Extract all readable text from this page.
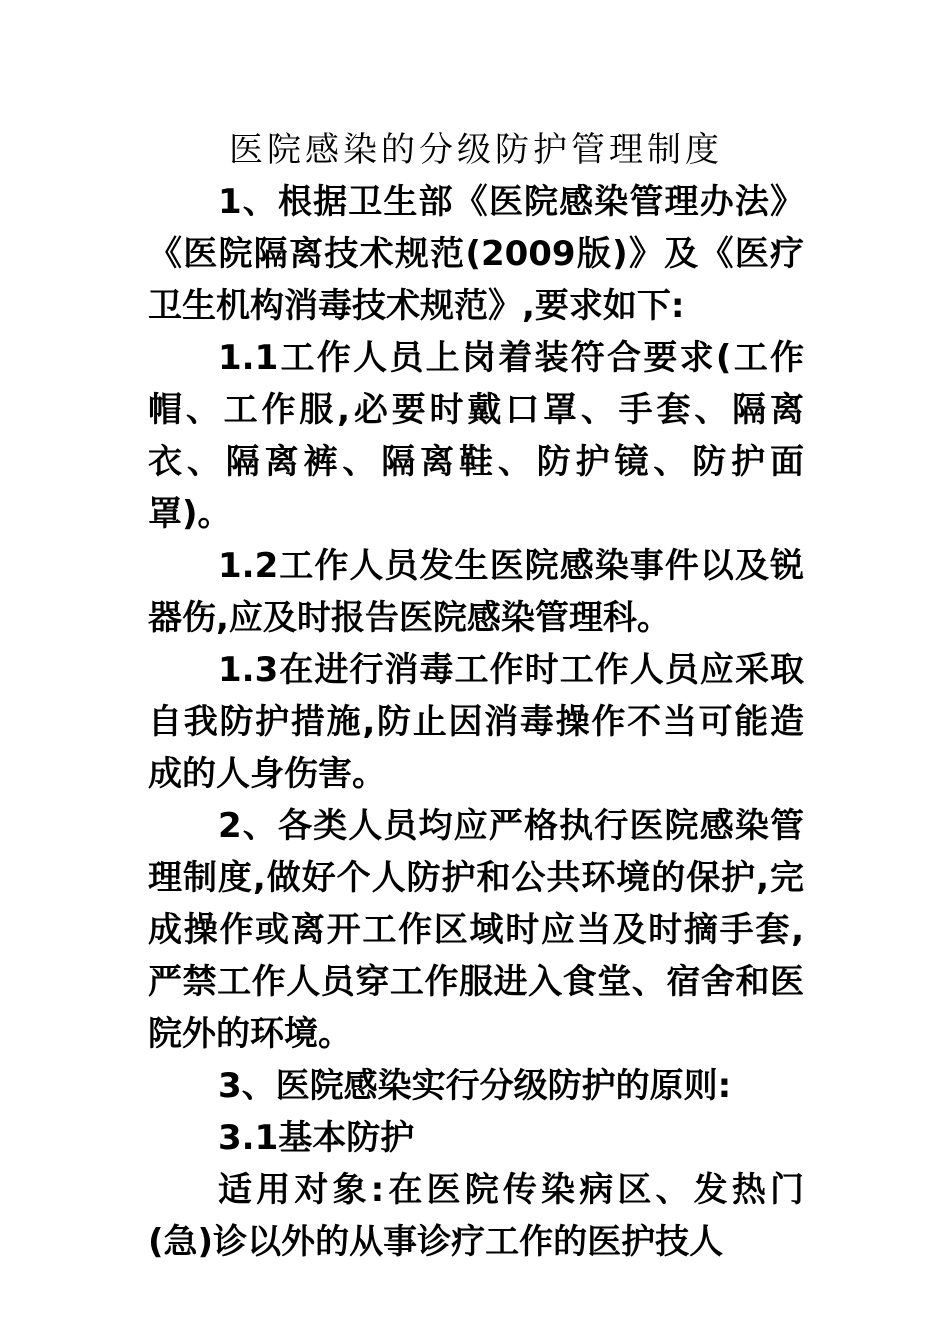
医院感染的分级防护管理制度

1、根据卫生部《医院感染管理办法》《医院隔离技术规范(2009版)》及《医疗卫生机构消毒技术规范》,要求如下:

1.1工作人员上岗着装符合要求(工作帽、工作服,必要时戴口罩、手套、隔离衣、隔离裤、隔离鞋、防护镜、防护面罩)。

1.2工作人员发生医院感染事件以及锐器伤,应及时报告医院感染管理科。

1.3在进行消毒工作时工作人员应采取自我防护措施,防止因消毒操作不当可能造成的人身伤害。

2、各类人员均应严格执行医院感染管理制度,做好个人防护和公共环境的保护,完成操作或离开工作区域时应当及时摘手套,严禁工作人员穿工作服进入食堂、宿舍和医院外的环境。

3、医院感染实行分级防护的原则:

3.1基本防护

适用对象:在医院传染病区、发热门(急)诊以外的从事诊疗工作的医护技人
